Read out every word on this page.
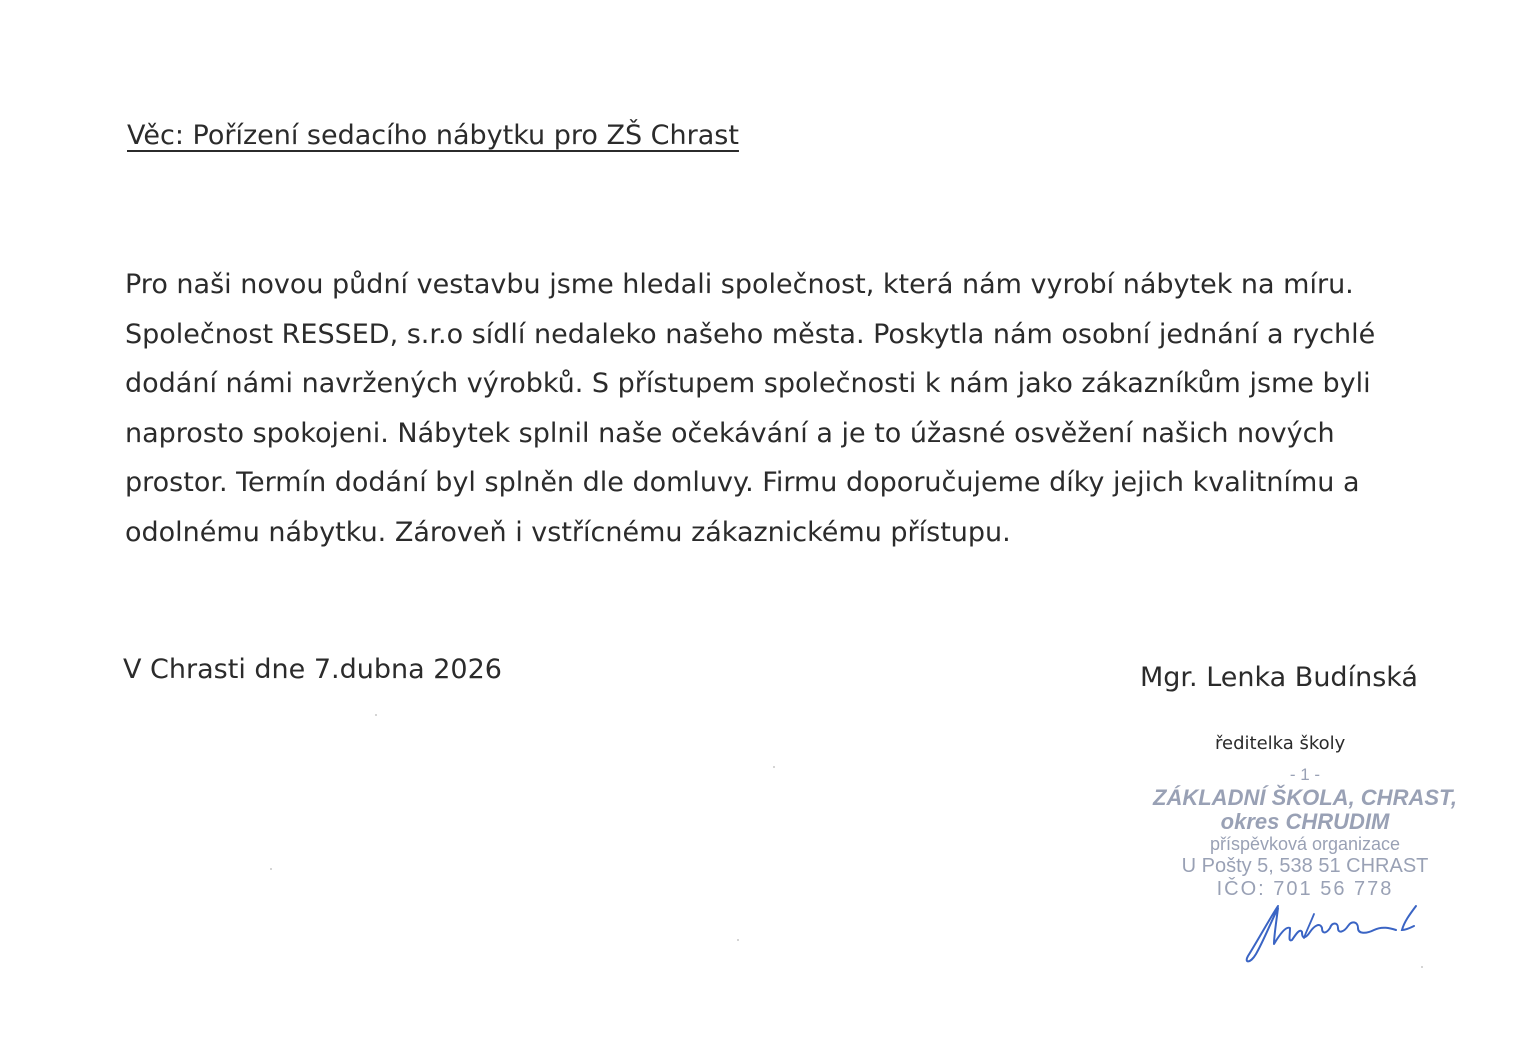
Věc: Pořízení sedacího nábytku pro ZŠ Chrast
Pro naši novou půdní vestavbu jsme hledali společnost, která nám vyrobí nábytek na míru.
Společnost RESSED, s.r.o sídlí nedaleko našeho města. Poskytla nám osobní jednání a rychlé
dodání námi navržených výrobků. S přístupem společnosti k nám jako zákazníkům jsme byli
naprosto spokojeni. Nábytek splnil naše očekávání a je to úžasné osvěžení našich nových
prostor. Termín dodání byl splněn dle domluvy. Firmu doporučujeme díky jejich kvalitnímu a
odolnému nábytku. Zároveň i vstřícnému zákaznickému přístupu.
V Chrasti dne 7.dubna 2026	Mgr. Lenka Budínská
ředitelka školy
- 1 -
ZÁKLADNÍ ŠKOLA, CHRAST,
okres CHRUDIM
příspěvková organizace
U Pošty 5, 538 51 CHRAST
IČO: 701 56 778
